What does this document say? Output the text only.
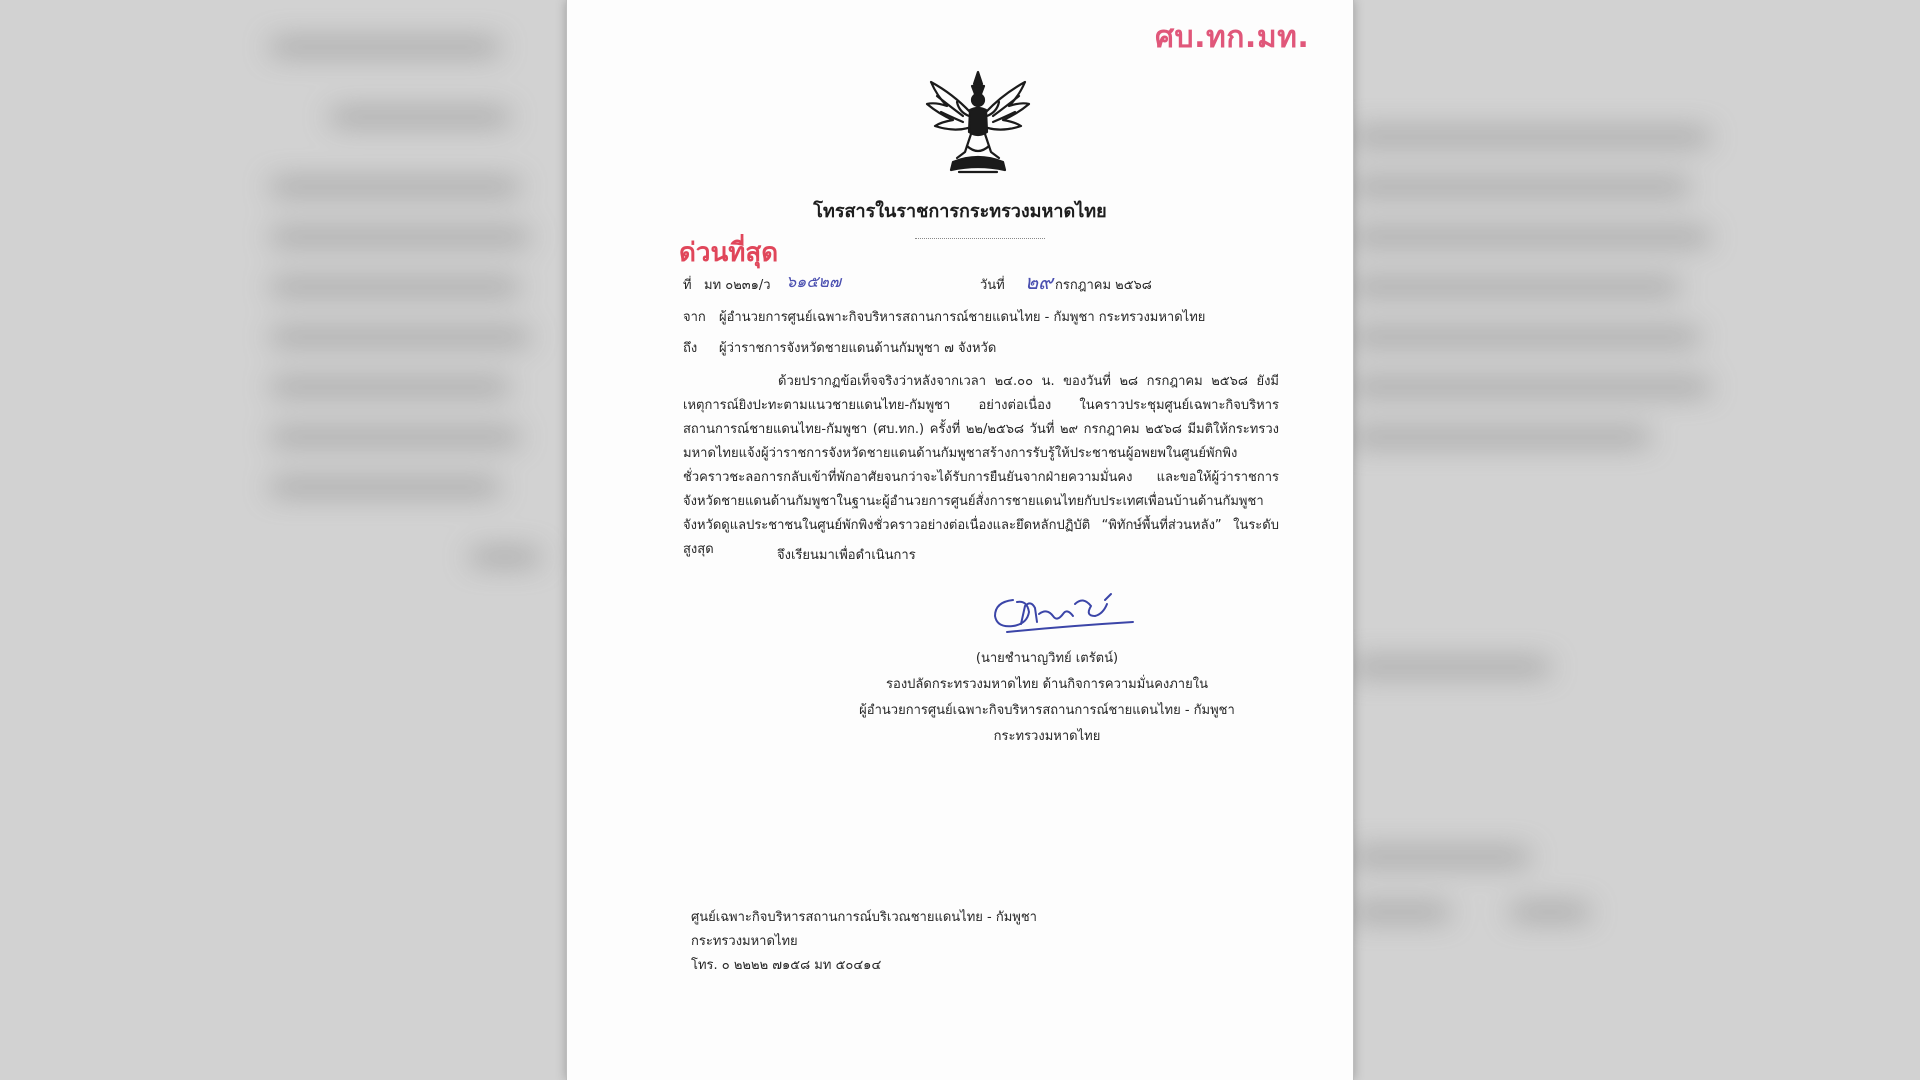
ศบ.ทก.มท.
โทรสารในราชการกระทรวงมหาดไทย
ด่วนที่สุด
ที่ มท ๐๒๓๑/ว ๖๑๕๒๗	วันที่ ๒๙ กรกฎาคม ๒๕๖๘
จาก ผู้อำนวยการศูนย์เฉพาะกิจบริหารสถานการณ์ชายแดนไทย - กัมพูชา กระทรวงมหาดไทย
ถึง ผู้ว่าราชการจังหวัดชายแดนด้านกัมพูชา ๗ จังหวัด
ด้วยปรากฏข้อเท็จจริงว่าหลังจากเวลา ๒๔.๐๐ น. ของวันที่ ๒๘ กรกฎาคม ๒๕๖๘ ยังมีเหตุการณ์ยิงปะทะตามแนวชายแดนไทย-กัมพูชา อย่างต่อเนื่อง ในคราวประชุมศูนย์เฉพาะกิจบริหารสถานการณ์ชายแดนไทย-กัมพูชา (ศบ.ทก.) ครั้งที่ ๒๒/๒๕๖๘ วันที่ ๒๙ กรกฎาคม ๒๕๖๘ มีมติให้กระทรวงมหาดไทยแจ้งผู้ว่าราชการจังหวัดชายแดนด้านกัมพูชาสร้างการรับรู้ให้ประชาชนผู้อพยพในศูนย์พักพิงชั่วคราวชะลอการกลับเข้าที่พักอาศัยจนกว่าจะได้รับการยืนยันจากฝ่ายความมั่นคง และขอให้ผู้ว่าราชการจังหวัดชายแดนด้านกัมพูชาในฐานะผู้อำนวยการศูนย์สั่งการชายแดนไทยกับประเทศเพื่อนบ้านด้านกัมพูชาจังหวัดดูแลประชาชนในศูนย์พักพิงชั่วคราวอย่างต่อเนื่องและยึดหลักปฏิบัติ “พิทักษ์พื้นที่ส่วนหลัง” ในระดับสูงสุด	จึงเรียนมาเพื่อดำเนินการ
(นายชำนาญวิทย์ เตรัตน์)
รองปลัดกระทรวงมหาดไทย ด้านกิจการความมั่นคงภายใน
ผู้อำนวยการศูนย์เฉพาะกิจบริหารสถานการณ์ชายแดนไทย - กัมพูชา
กระทรวงมหาดไทย
ศูนย์เฉพาะกิจบริหารสถานการณ์บริเวณชายแดนไทย - กัมพูชา
กระทรวงมหาดไทย
โทร. ๐ ๒๒๒๒ ๗๑๕๘ มท ๕๐๔๑๔
